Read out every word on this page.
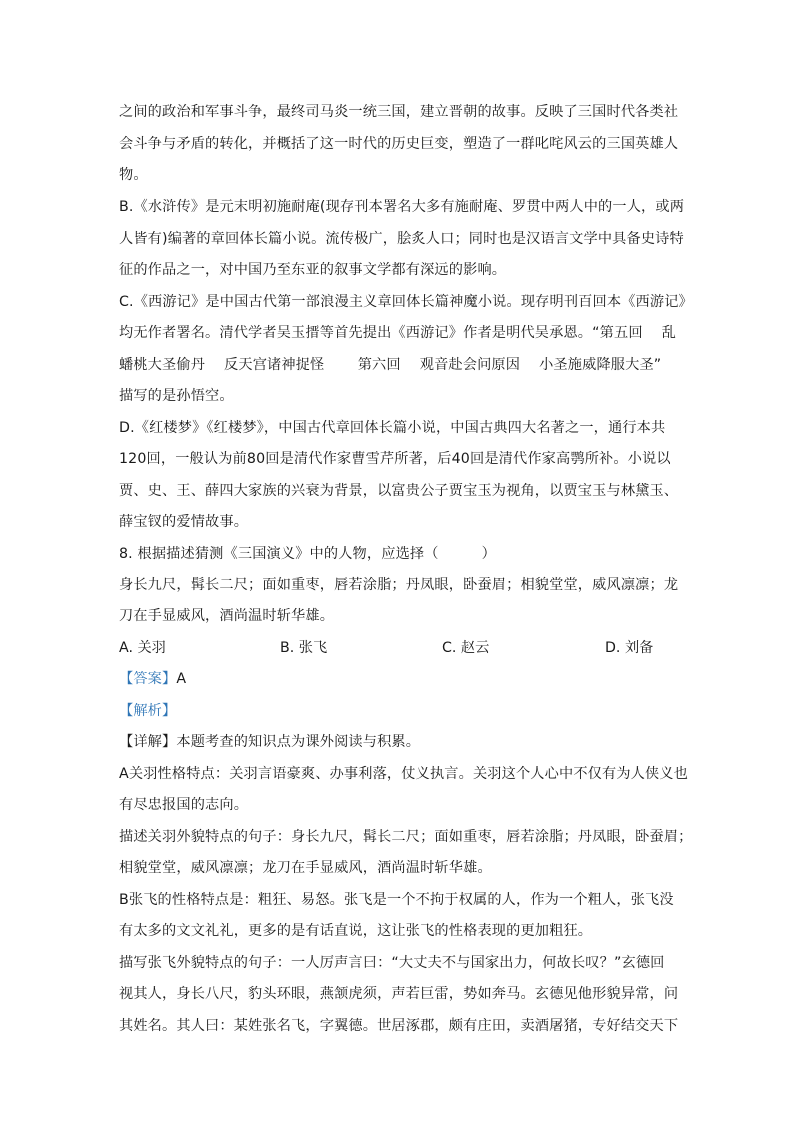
之间的政治和军事斗争，最终司马炎一统三国，建立晋朝的故事。反映了三国时代各类社
会斗争与矛盾的转化，并概括了这一时代的历史巨变，塑造了一群叱咤风云的三国英雄人
物。
B.《水浒传》是元末明初施耐庵(现存刊本署名大多有施耐庵、罗贯中两人中的一人，或两
人皆有)编著的章回体长篇小说。流传极广，脍炙人口；同时也是汉语言文学中具备史诗特
征的作品之一，对中国乃至东亚的叙事文学都有深远的影响。
C.《西游记》是中国古代第一部浪漫主义章回体长篇神魔小说。现存明刊百回本《西游记》
均无作者署名。清代学者吴玉搢等首先提出《西游记》作者是明代吴承恩。“第五回　 乱
蟠桃大圣偷丹　 反天宫诸神捉怪　　 第六回　 观音赴会问原因　 小圣施威降服大圣”
描写的是孙悟空。
D.《红楼梦》《红楼梦》，中国古代章回体长篇小说，中国古典四大名著之一，通行本共
120回，一般认为前80回是清代作家曹雪芹所著，后40回是清代作家高鹗所补。小说以
贾、史、王、薛四大家族的兴衰为背景，以富贵公子贾宝玉为视角，以贾宝玉与林黛玉、
薛宝钗的爱情故事。
8. 根据描述猜测《三国演义》中的人物，应选择（　　　）
身长九尺，髯长二尺；面如重枣，唇若涂脂；丹凤眼，卧蚕眉；相貌堂堂，威风凛凛；龙
刀在手显威风，酒尚温时斩华雄。
A. 关羽	B. 张飞	C. 赵云	D. 刘备
【答案】A
【解析】
【详解】本题考查的知识点为课外阅读与积累。
A关羽性格特点：关羽言语豪爽、办事利落，仗义执言。关羽这个人心中不仅有为人侠义也
有尽忠报国的志向。
描述关羽外貌特点的句子：身长九尺，髯长二尺；面如重枣，唇若涂脂；丹凤眼，卧蚕眉；
相貌堂堂，威风凛凛；龙刀在手显威风，酒尚温时斩华雄。
B张飞的性格特点是：粗狂、易怒。张飞是一个不拘于权属的人，作为一个粗人，张飞没
有太多的文文礼礼，更多的是有话直说，这让张飞的性格表现的更加粗狂。
描写张飞外貌特点的句子：一人厉声言曰：“大丈夫不与国家出力，何故长叹？”玄德回
视其人，身长八尺，豹头环眼，燕颔虎须，声若巨雷，势如奔马。玄德见他形貌异常，问
其姓名。其人曰：某姓张名飞，字翼德。世居涿郡，颇有庄田，卖酒屠猪，专好结交天下
